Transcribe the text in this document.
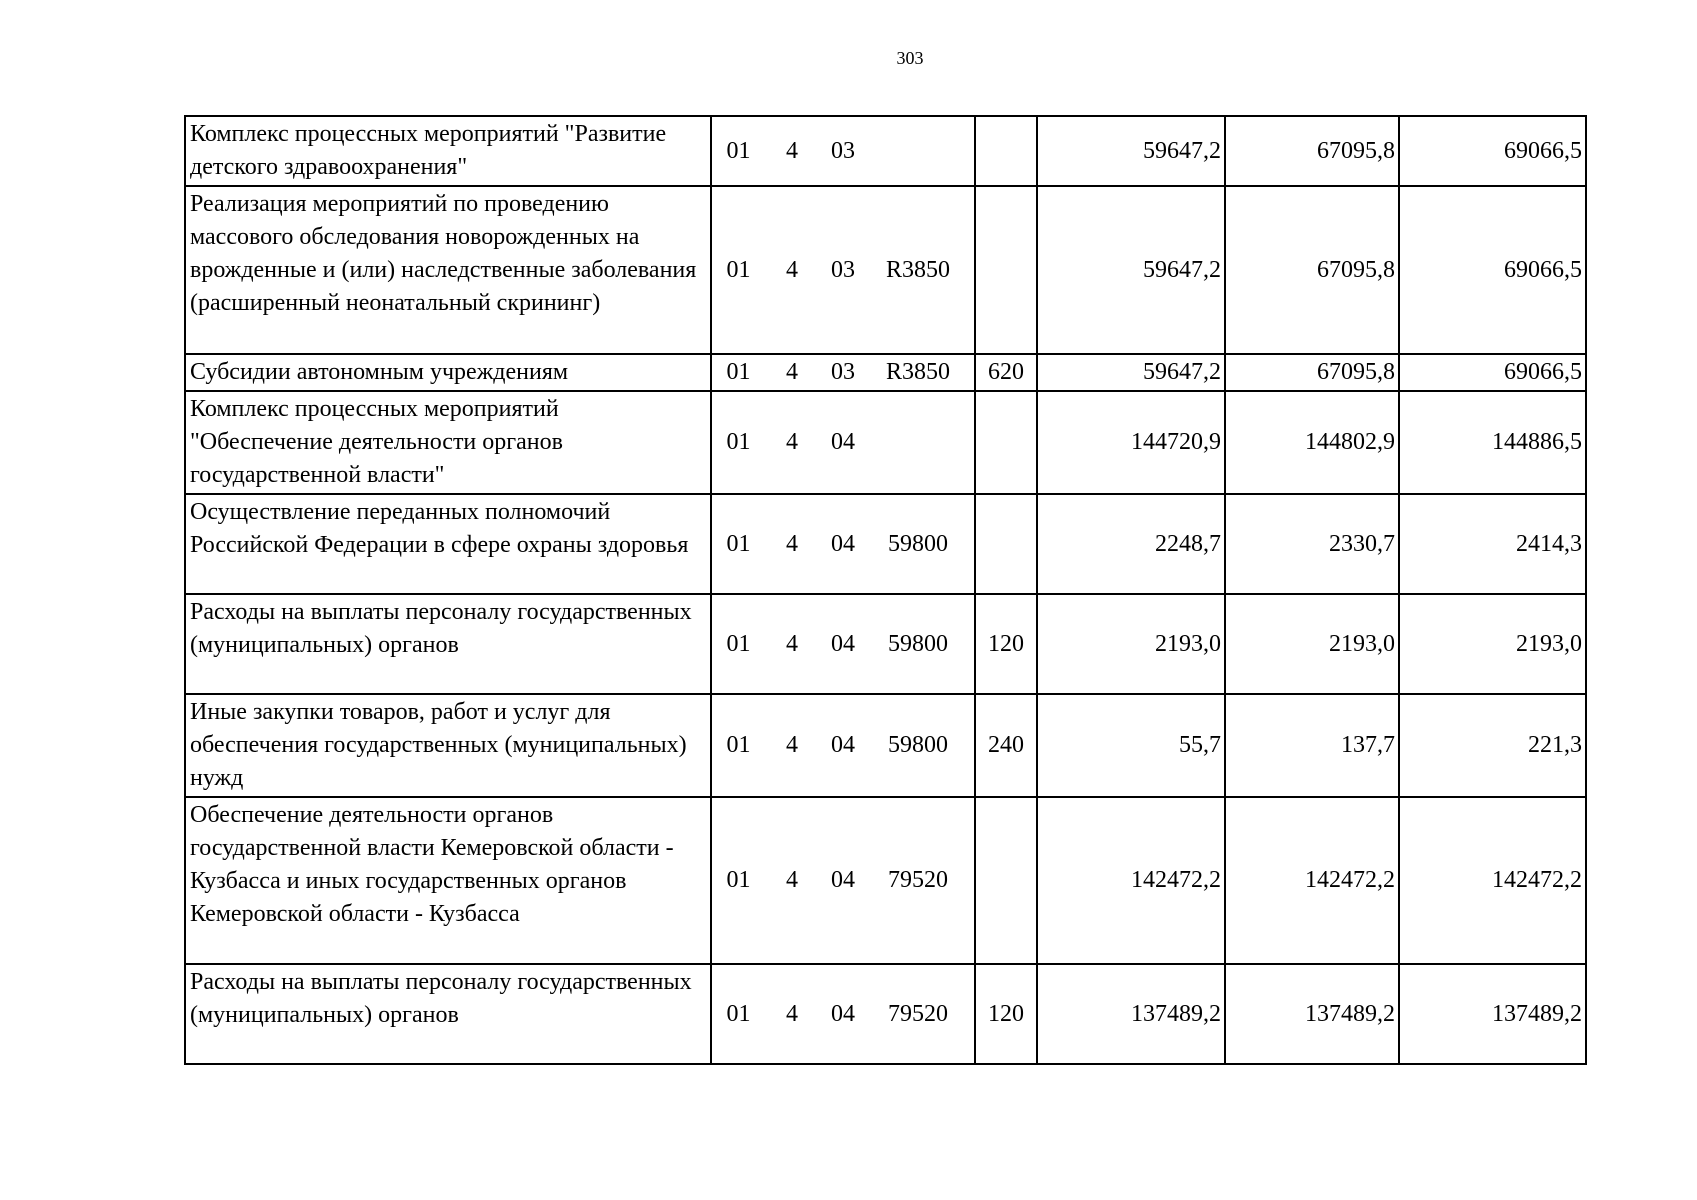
303
Комплекс процессных мероприятий "Развитие детского здравоохранения"	01 4 03		59647,2	67095,8	69066,5
Реализация мероприятий по проведению массового обследования новорожденных на врожденные и (или) наследственные заболевания (расширенный неонатальный скрининг)	01 4 03 R3850		59647,2	67095,8	69066,5
Субсидии автономным учреждениям	01 4 03 R3850	620	59647,2	67095,8	69066,5
Комплекс процессных мероприятий "Обеспечение деятельности органов государственной власти"	01 4 04		144720,9	144802,9	144886,5
Осуществление переданных полномочий Российской Федерации в сфере охраны здоровья	01 4 04 59800		2248,7	2330,7	2414,3
Расходы на выплаты персоналу государственных (муниципальных) органов	01 4 04 59800	120	2193,0	2193,0	2193,0
Иные закупки товаров, работ и услуг для обеспечения государственных (муниципальных) нужд	01 4 04 59800	240	55,7	137,7	221,3
Обеспечение деятельности органов государственной власти Кемеровской области - Кузбасса и иных государственных органов Кемеровской области - Кузбасса	01 4 04 79520		142472,2	142472,2	142472,2
Расходы на выплаты персоналу государственных (муниципальных) органов	01 4 04 79520	120	137489,2	137489,2	137489,2
